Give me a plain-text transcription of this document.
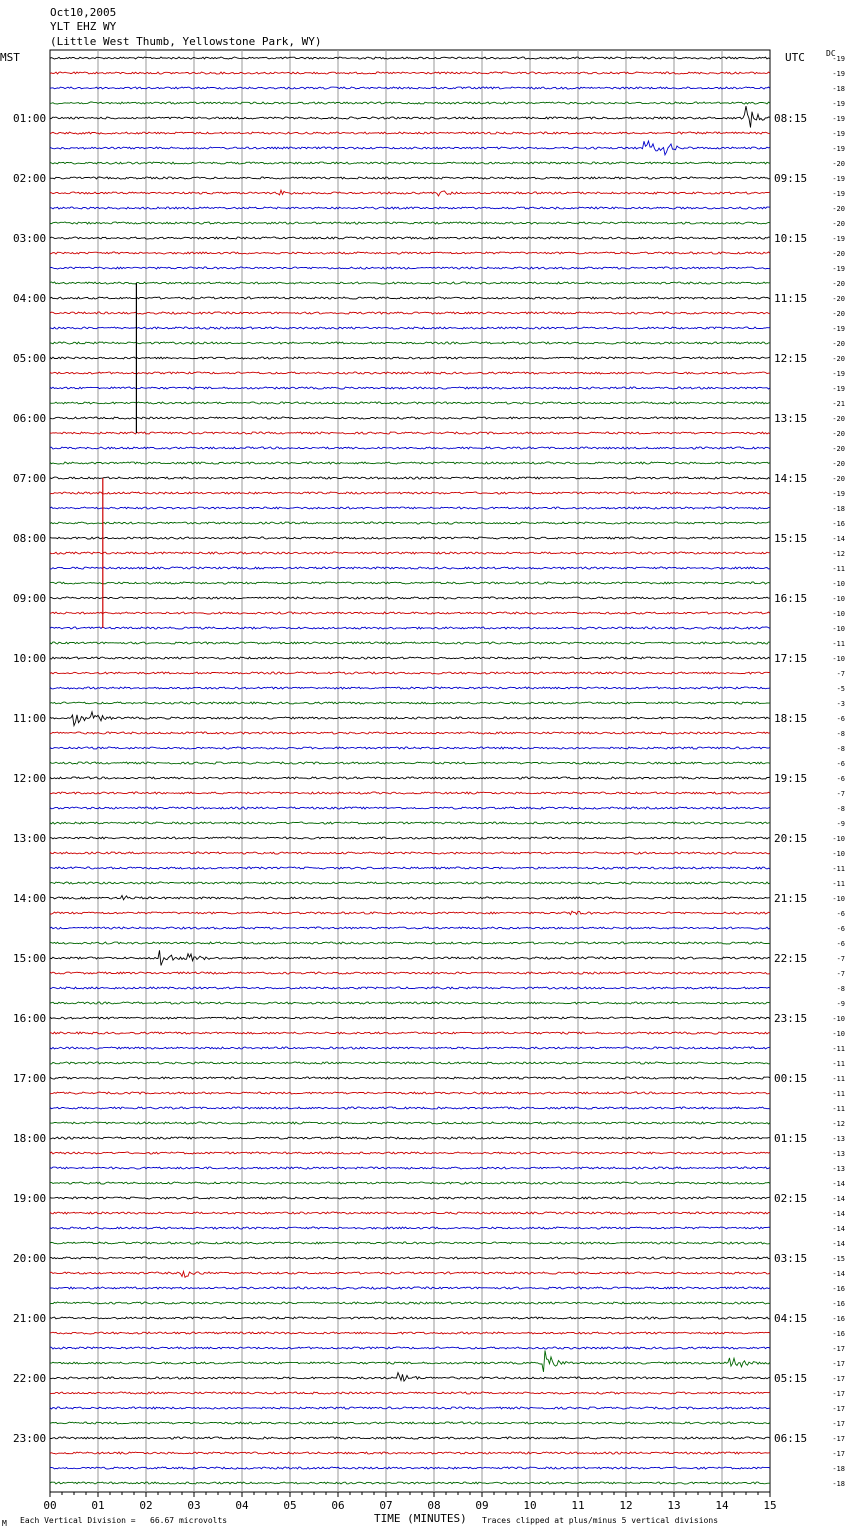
Oct10,2005
YLT EHZ WY
(Little West Thumb, Yellowstone Park, WY)
MST	UTC	DC
00	01	02	03	04	05	06	07	08	09	10	11	12	13	14	15
01:00
02:00
03:00
04:00
05:00
06:00
07:00
08:00
09:00
10:00
11:00
12:00
13:00
14:00
15:00
16:00
17:00
18:00
19:00
20:00
21:00
22:00
23:00
08:15
09:15
10:15
11:15
12:15
13:15
14:15
15:15
16:15
17:15
18:15
19:15
20:15
21:15
22:15
23:15
00:15
01:15
02:15
03:15
04:15
05:15
06:15
-19
-19
-18
-19
-19
-19
-19
-20
-19
-19
-20
-20
-19
-20
-19
-20
-20
-20
-19
-20
-20
-19
-19
-21
-20
-20
-20
-20
-20
-19
-18
-16
-14
-12
-11
-10
-10
-10
-10
-11
-10
-7
-5
-3
-6
-8
-8
-6
-6
-7
-8
-9
-10
-10
-11
-11
-10
-6
-6
-6
-7
-7
-8
-9
-10
-10
-11
-11
-11
-11
-11
-12
-13
-13
-13
-14
-14
-14
-14
-14
-15
-14
-16
-16
-16
-16
-17
-17
-17
-17
-17
-17
-17
-17
-18
-18
M Each Vertical Division =   66.67 microvolts	TIME (MINUTES) Traces clipped at plus/minus 5 vertical divisions
